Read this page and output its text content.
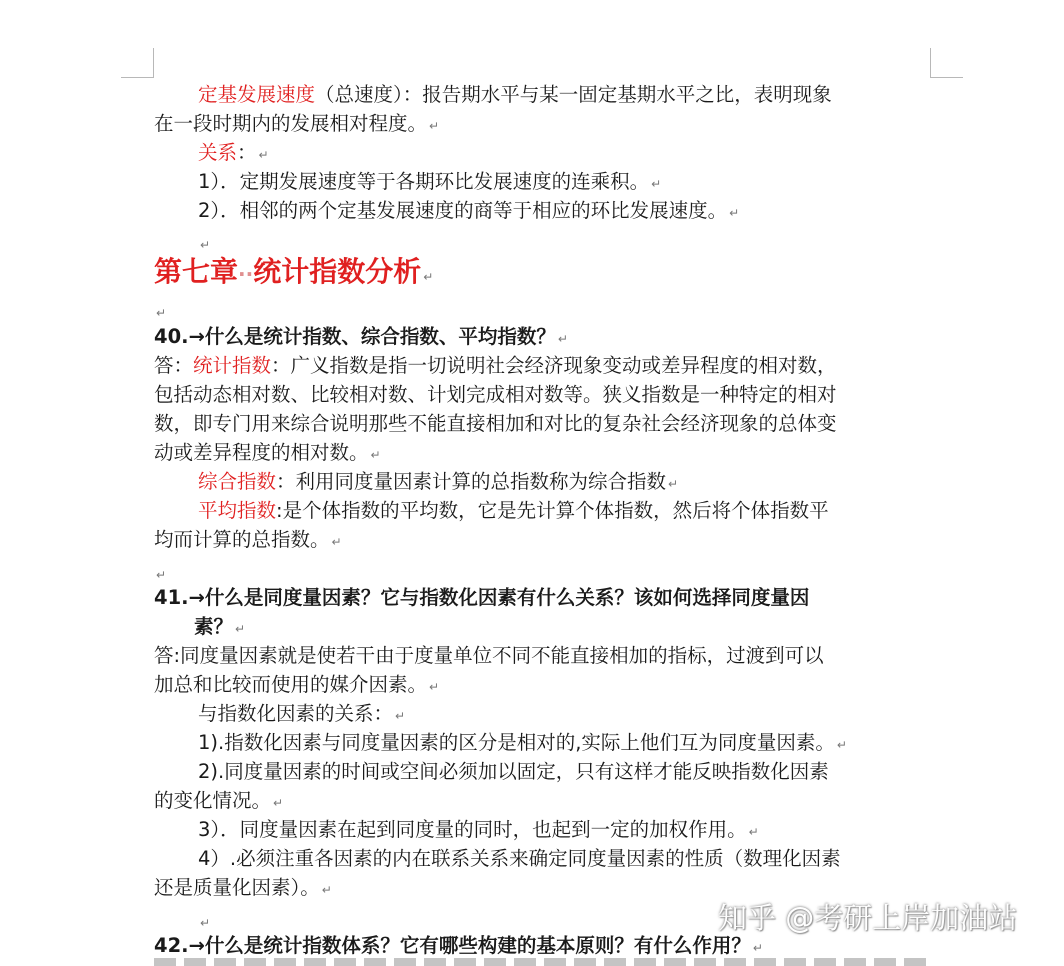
定基发展速度（总速度）：报告期水平与某一固定基期水平之比，表明现象
在一段时期内的发展相对程度。 ↵
关系： ↵
1）．定期发展速度等于各期环比发展速度的连乘积。 ↵
2）．相邻的两个定基发展速度的商等于相应的环比发展速度。 ↵
↵
第七章··统计指数分析 ↵
↵
40.→什么是统计指数、综合指数、平均指数？ ↵
答：统计指数：广义指数是指一切说明社会经济现象变动或差异程度的相对数，
包括动态相对数、比较相对数、计划完成相对数等。狭义指数是一种特定的相对
数，即专门用来综合说明那些不能直接相加和对比的复杂社会经济现象的总体变
动或差异程度的相对数。 ↵
综合指数：利用同度量因素计算的总指数称为综合指数 ↵
平均指数:是个体指数的平均数，它是先计算个体指数，然后将个体指数平
均而计算的总指数。 ↵
↵
41.→什么是同度量因素？它与指数化因素有什么关系？该如何选择同度量因
素？ ↵
答:同度量因素就是使若干由于度量单位不同不能直接相加的指标，过渡到可以
加总和比较而使用的媒介因素。 ↵
与指数化因素的关系： ↵
1).指数化因素与同度量因素的区分是相对的,实际上他们互为同度量因素。 ↵
2).同度量因素的时间或空间必须加以固定，只有这样才能反映指数化因素
的变化情况。 ↵
3）．同度量因素在起到同度量的同时，也起到一定的加权作用。 ↵
4）.必须注重各因素的内在联系关系来确定同度量因素的性质（数理化因素
还是质量化因素）。 ↵
↵
42.→什么是统计指数体系？它有哪些构建的基本原则？有什么作用？ ↵
知乎 @考研上岸加油站
